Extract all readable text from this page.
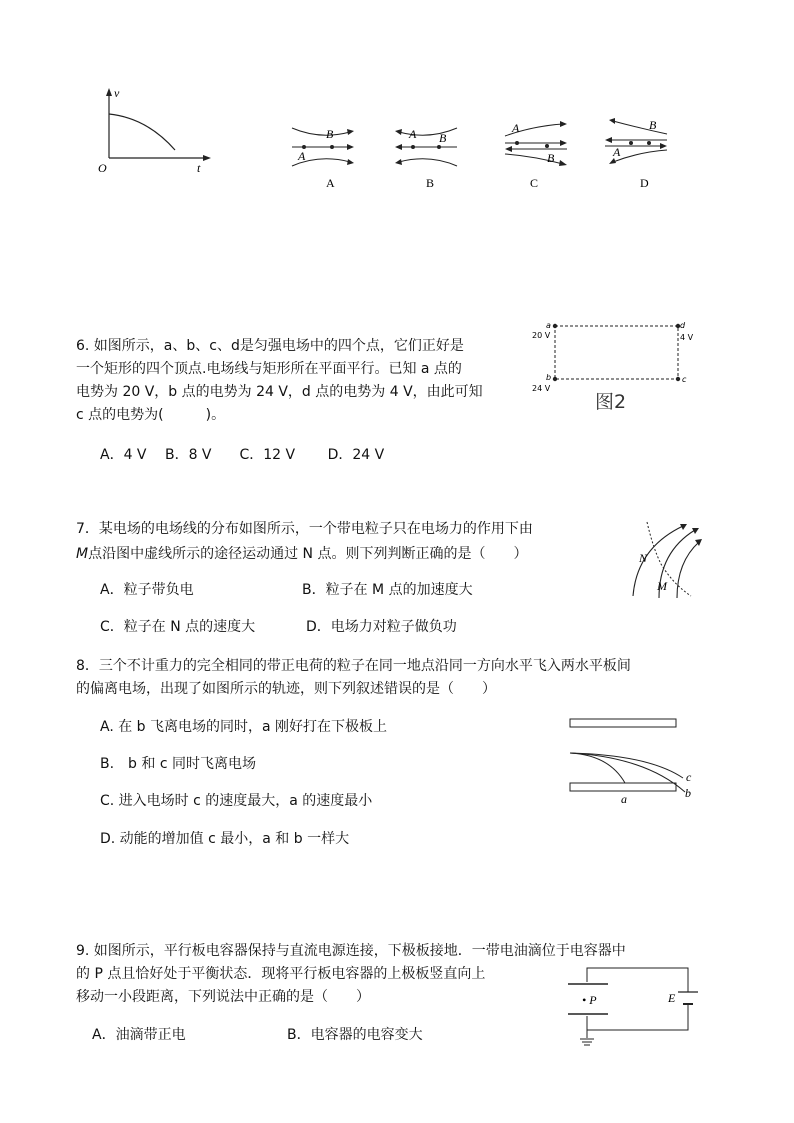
v
O	t
B
A
A
A B
B
A
B
C
B
A
D
6. 如图所示，a、b、c、d是匀强电场中的四个点，它们正好是
一个矩形的四个顶点.电场线与矩形所在平面平行。已知 a 点的
电势为 20 V，b 点的电势为 24 V，d 点的电势为 4 V，由此可知
c 点的电势为(　　　)。
A．4 V　 B．8 V　　C．12 V　　 D．24 V
a
20 V
d
4 V
b
24 V
c
图2
7．某电场的电场线的分布如图所示，一个带电粒子只在电场力的作用下由
M点沿图中虚线所示的途径运动通过 N 点。则下列判断正确的是（　　）
A．粒子带负电	B．粒子在 M 点的加速度大
C．粒子在 N 点的速度大	D．电场力对粒子做负功
N
M
8．三个不计重力的完全相同的带正电荷的粒子在同一地点沿同一方向水平飞入两水平板间
的偏离电场，出现了如图所示的轨迹，则下列叙述错误的是（　　）
A. 在 b 飞离电场的同时，a 刚好打在下极板上
B.　b 和 c 同时飞离电场
C. 进入电场时 c 的速度最大，a 的速度最小
D. 动能的增加值 c 最小，a 和 b 一样大
a	b
c
9. 如图所示，平行板电容器保持与直流电源连接，下极板接地．一带电油滴位于电容器中
的 P 点且恰好处于平衡状态．现将平行板电容器的上极板竖直向上
移动一小段距离，下列说法中正确的是（　　）
A．油滴带正电	B．电容器的电容变大
• P	E
